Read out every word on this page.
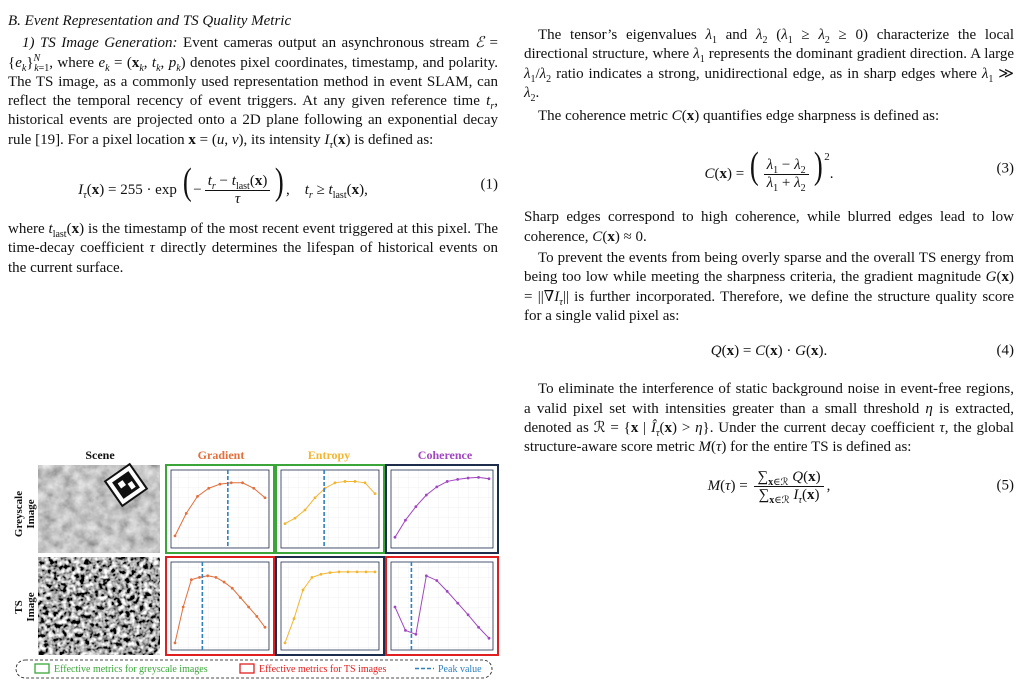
B. Event Representation and TS Quality Metric
1) TS Image Generation: Event cameras output an asynchronous stream ℰ = $\{e_k\}^N_{k=1}$, where $e_k = (x_k$, $t_k$, $p_k$) denotes pixel coordinates, timestamp, and polarity. The TS image, as a commonly used representation method in event SLAM, can reflect the temporal recency of event triggers. At any given reference time $t_r$, historical events are projected onto a 2D plane following an exponential decay rule [19]. For a pixel location x = (u, v), its intensity $I_\tau(x)$ is defined as:
$I_\tau(x) = 255 \cdot \exp$ ( − $\frac{t_r - t_{last}(x)}{\tau}$ ) ,    $t_r \ge t_{last}(x)$,	(1)
where $t_{last}(x)$ is the timestamp of the most recent event triggered at this pixel. The time-decay coefficient τ directly determines the lifespan of historical events on the current surface.
Scene	Gradient	Entropy	Coherence
Greyscale Image
TS Image
Effective metrics for greyscale images	Effective metrics for TS images	Peak value
The tensor’s eigenvalues $\lambda_1$ and $\lambda_2$ $(\lambda_1 \ge \lambda_2 \ge 0)$ characterize the local directional structure, where $\lambda_1$ represents the dominant gradient direction. A large $\lambda_1/\lambda_2$ ratio indicates a strong, unidirectional edge, as in sharp edges where $\lambda_1$ ≫ $\lambda_2$.
The coherence metric C(x) quantifies edge sharpness is defined as:
C(x) = ( $\frac{\lambda_1 - \lambda_2}{\lambda_1 + \lambda_2}$ ) $^2$.	(3)
Sharp edges correspond to high coherence, while blurred edges lead to low coherence, C(x) ≈ 0.
To prevent the events from being overly sparse and the overall TS energy from being too low while meeting the sharpness criteria, the gradient magnitude $G(x) = ||\nabla I_\tau||$ is further incorporated. Therefore, we define the structure quality score for a single valid pixel as:
Q(x) = C(x) · G(x).	(4)
To eliminate the interference of static background noise in event-free regions, a valid pixel set with intensities greater than a small threshold η is extracted, denoted as ℛ = {x | $Î_\tau(x) > \eta$}. Under the current decay coefficient τ, the global structure-aware score metric M(τ) for the entire TS is defined as:
$M(\tau) = \frac{\sum_{x\in ℛ} Q(x)}{\sum_{x\in ℛ} I_\tau(x)}$ ,	(5)
